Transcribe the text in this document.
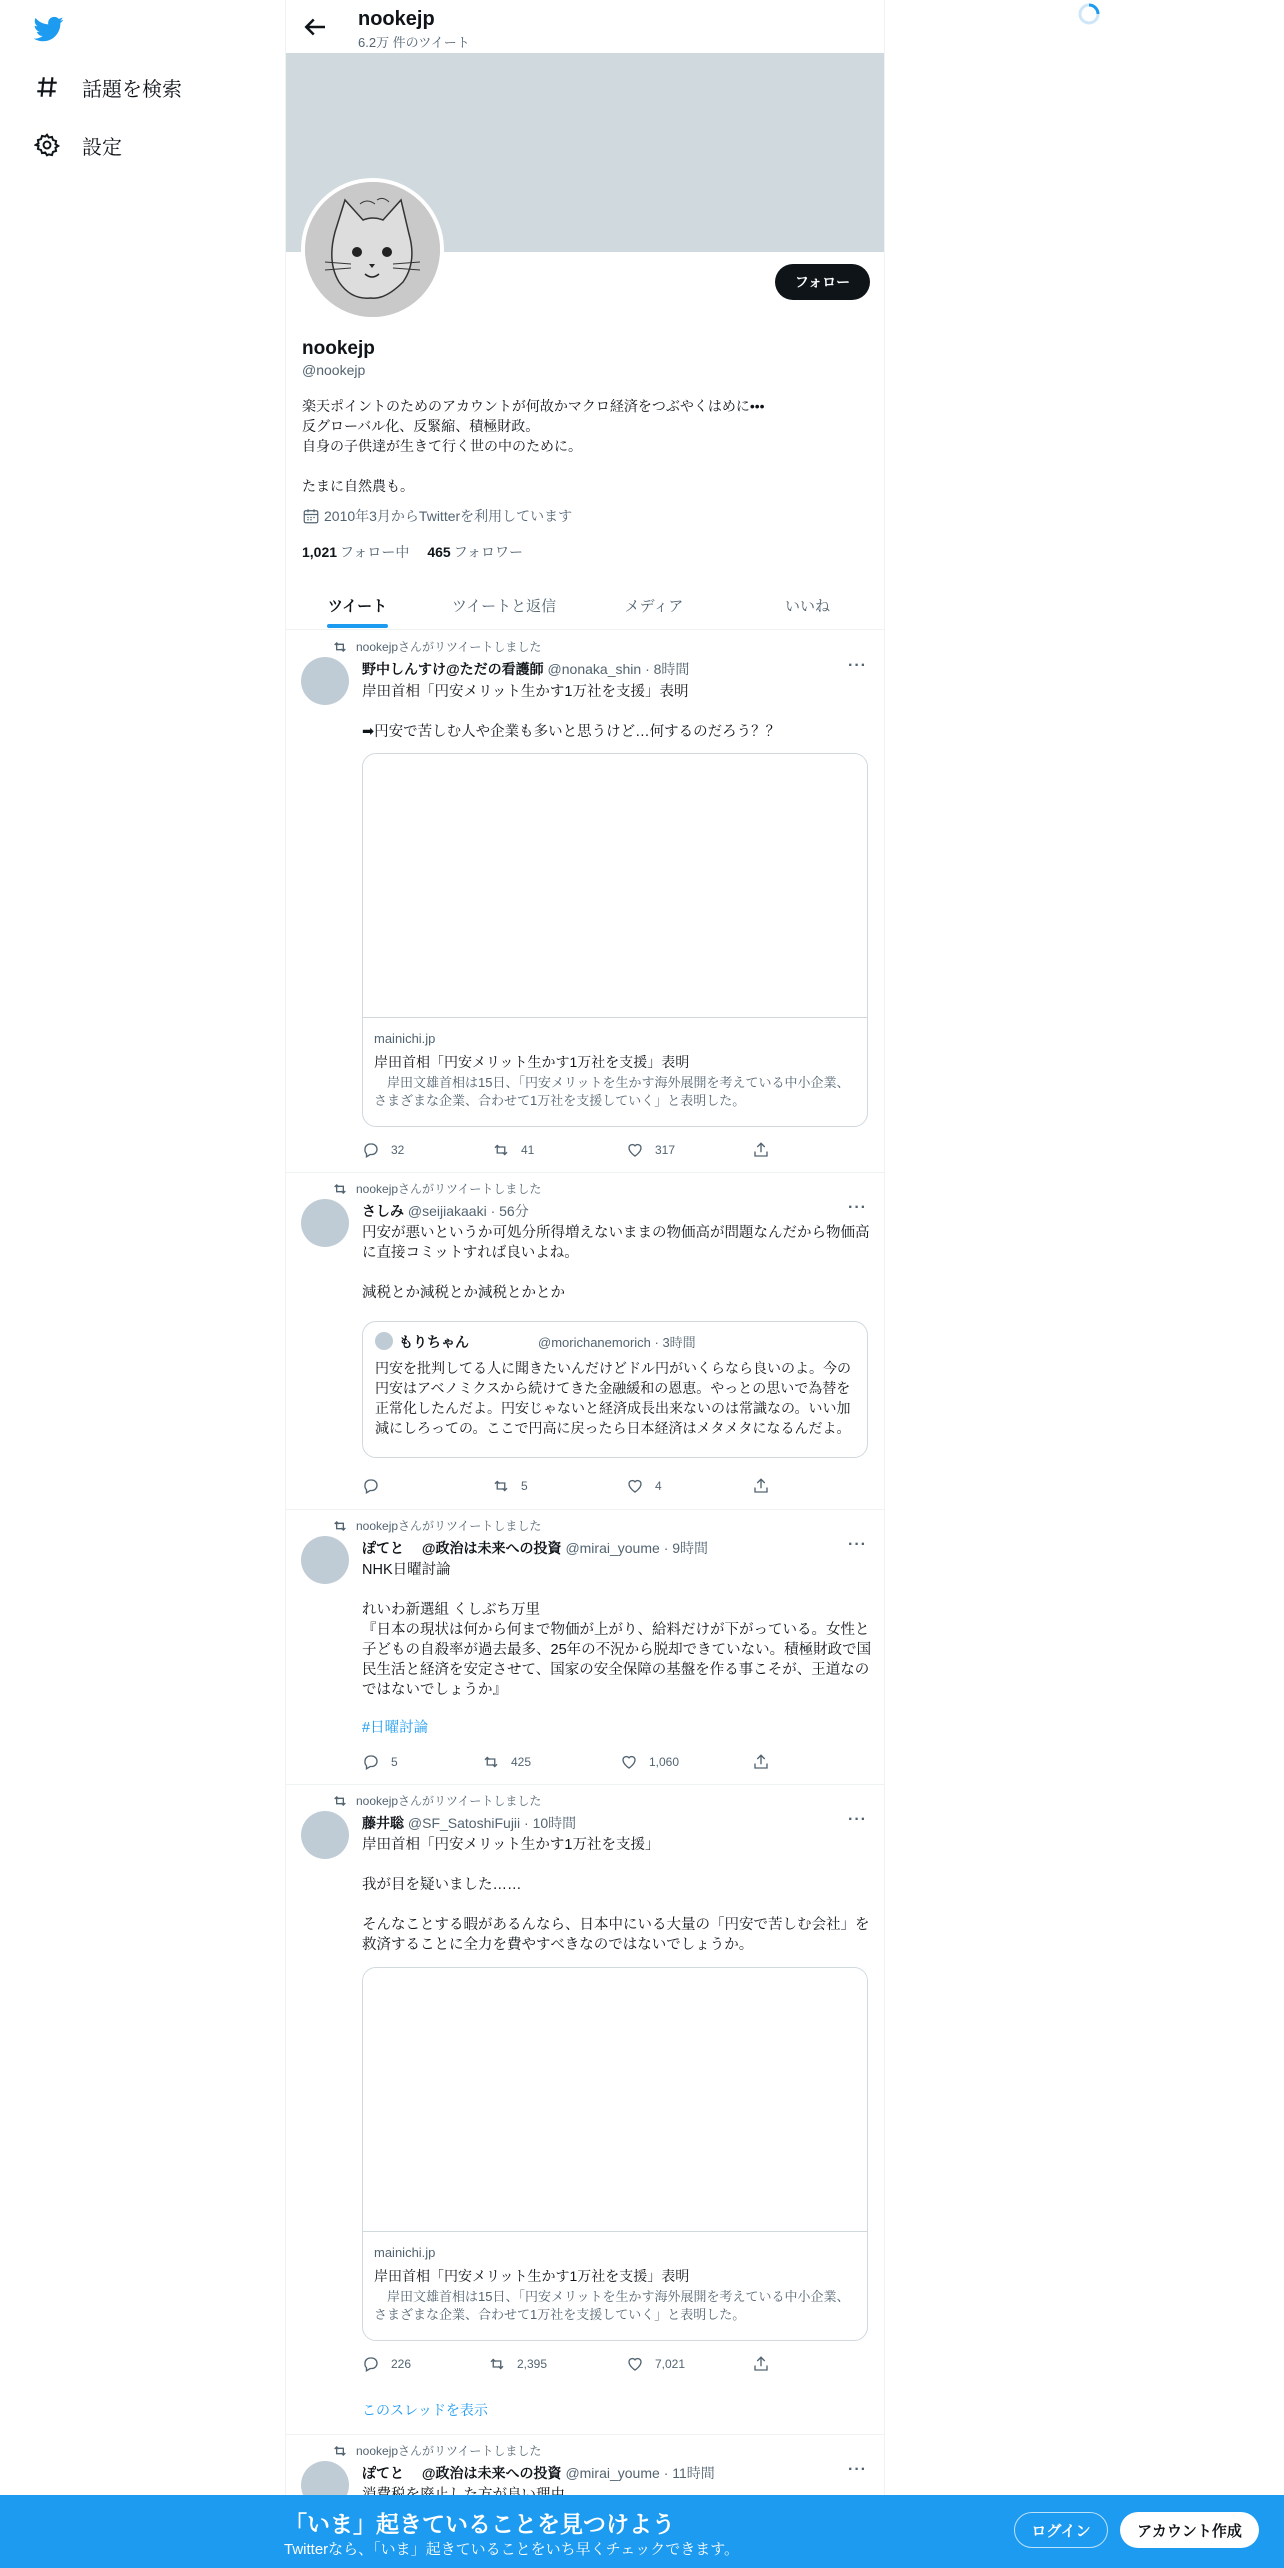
話題を検索
設定
nookejp
6.2万 件のツイート
フォロー
nookejp
@nookejp
楽天ポイントのためのアカウントが何故かマクロ経済をつぶやくはめに•••
反グローバル化、反緊縮、積極財政。
自身の子供達が生きて行く世の中のために。

たまに自然農も。
2010年3月からTwitterを利用しています
1,021 フォロー中 465 フォロワー
ツイート	ツイートと返信	メディア	いいね
nookejpさんがリツイートしました
野中しんすけ@ただの看護師 @nonaka_shin · 8時間	···
岸田首相「円安メリット生かす1万社を支援」表明

➡円安で苦しむ人や企業も多いと思うけど…何するのだろう？？
mainichi.jp
岸田首相「円安メリット生かす1万社を支援」表明
　岸田文雄首相は15日、「円安メリットを生かす海外展開を考えている中小企業、さまざまな企業、合わせて1万社を支援していく」と表明した。
32	41	317
nookejpさんがリツイートしました
さしみ @seijiakaaki · 56分	···
円安が悪いというか可処分所得増えないままの物価高が問題なんだから物価高に直接コミットすれば良いよね。

減税とか減税とか減税とかとか
もりちゃん	@morichanemorich · 3時間
円安を批判してる人に聞きたいんだけどドル円がいくらなら良いのよ。今の円安はアベノミクスから続けてきた金融緩和の恩恵。やっとの思いで為替を正常化したんだよ。円安じゃないと経済成長出来ないのは常識なの。いい加減にしろっての。ここで円高に戻ったら日本経済はメタメタになるんだよ。
5	4
nookejpさんがリツイートしました
ぽてと　 @政治は未来への投資 @mirai_youme · 9時間	···
NHK日曜討論

れいわ新選組 くしぶち万里
『日本の現状は何から何まで物価が上がり、給料だけが下がっている。女性と子どもの自殺率が過去最多、25年の不況から脱却できていない。積極財政で国民生活と経済を安定させて、国家の安全保障の基盤を作る事こそが、王道なのではないでしょうか』
#日曜討論
5	425	1,060
nookejpさんがリツイートしました
藤井聡 @SF_SatoshiFujii · 10時間	···
岸田首相「円安メリット生かす1万社を支援」

我が目を疑いました……

そんなことする暇があるんなら、日本中にいる大量の「円安で苦しむ会社」を救済することに全力を費やすべきなのではないでしょうか。
mainichi.jp
岸田首相「円安メリット生かす1万社を支援」表明
　岸田文雄首相は15日、「円安メリットを生かす海外展開を考えている中小企業、さまざまな企業、合わせて1万社を支援していく」と表明した。
226	2,395	7,021
このスレッドを表示
nookejpさんがリツイートしました
ぽてと　 @政治は未来への投資 @mirai_youme · 11時間	···
「いま」起きていることを見つけよう
Twitterなら、「いま」起きていることをいち早くチェックできます。
ログイン	アカウント作成
